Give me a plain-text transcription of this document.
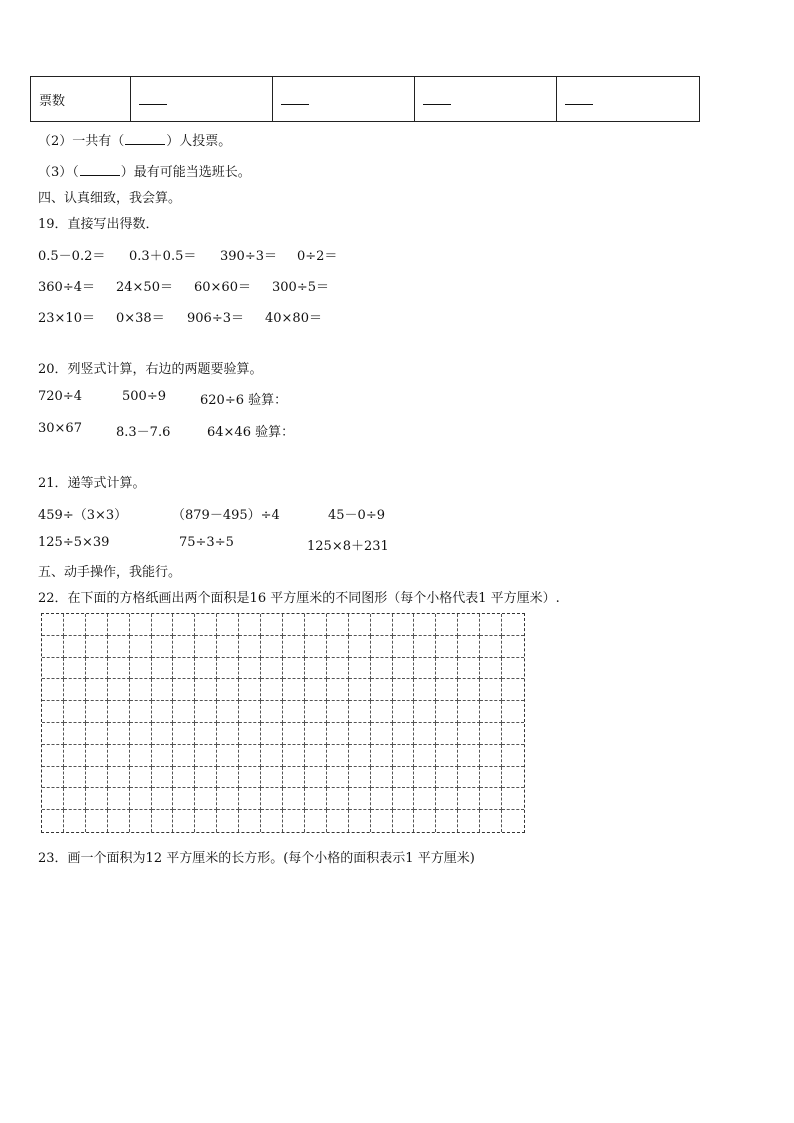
票数				
（2）一共有（	）人投票。
（3）（	）最有可能当选班长。
四、认真细致，我会算。
19．直接写出得数．
0.5－0.2＝ 0.3＋0.5＝ 390÷3＝ 0÷2＝
360÷4＝ 24×50＝ 60×60＝ 300÷5＝
23×10＝ 0×38＝ 906÷3＝ 40×80＝
20．列竖式计算，右边的两题要验算。
720÷4	500÷9	620÷6 验算：
30×67	8.3－7.6	64×46 验算：
21．递等式计算。
459÷（3×3）	（879－495）÷4	45－0÷9
125÷5×39	75÷3÷5	125×8＋231
五、动手操作，我能行。
22．在下面的方格纸画出两个面积是16 平方厘米的不同图形（每个小格代表1 平方厘米）.
23．画一个面积为12 平方厘米的长方形。(每个小格的面积表示1 平方厘米)
